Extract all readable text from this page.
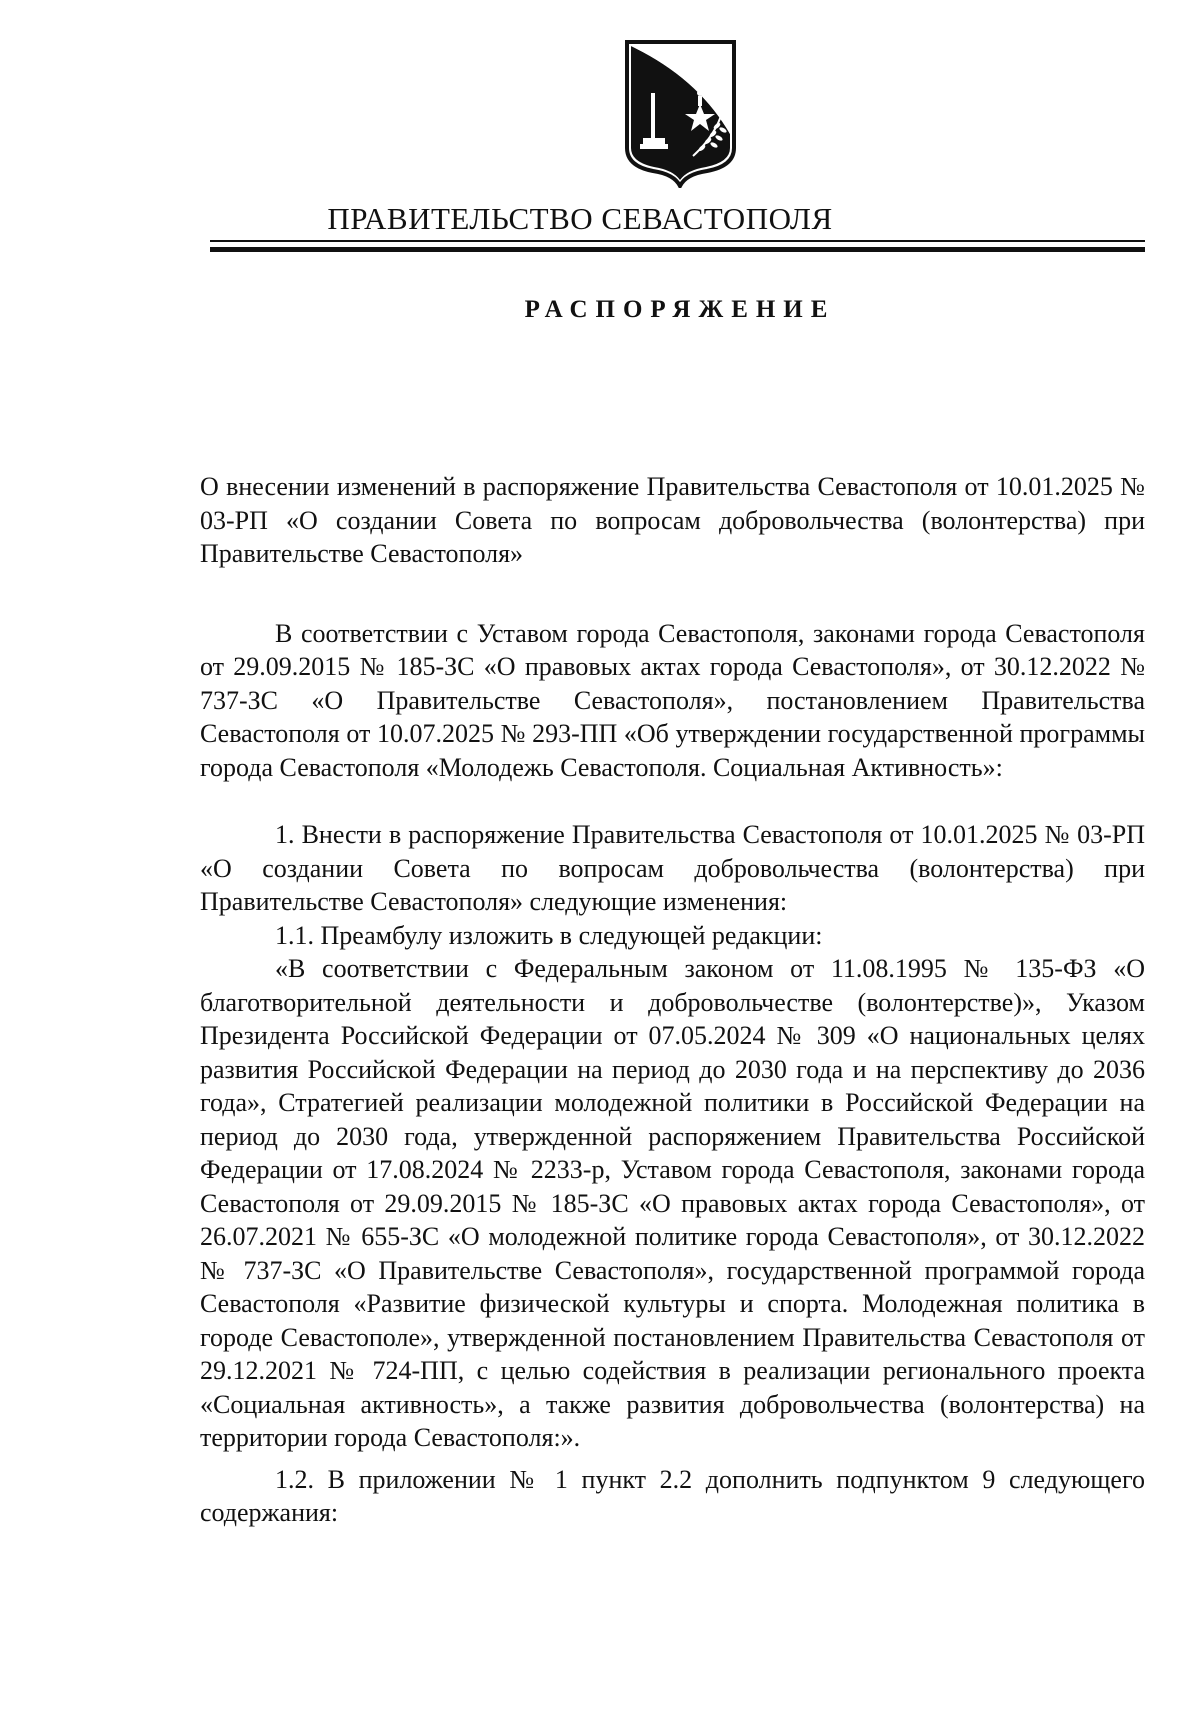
ПРАВИТЕЛЬСТВО СЕВАСТОПОЛЯ
РАСПОРЯЖЕНИЕ

О внесении изменений в распоряжение Правительства Севастополя от 10.01.2025 № 03-РП «О создании Совета по вопросам добровольчества (волонтерства) при Правительстве Севастополя»

В соответствии с Уставом города Севастополя, законами города Севастополя от 29.09.2015 № 185-ЗС «О правовых актах города Севастополя», от 30.12.2022 № 737-ЗС «О Правительстве Севастополя», постановлением Правительства Севастополя от 10.07.2025 № 293-ПП «Об утверждении государственной программы города Севастополя «Молодежь Севастополя. Социальная Активность»:

1. Внести в распоряжение Правительства Севастополя от 10.01.2025 № 03-РП «О создании Совета по вопросам добровольчества (волонтерства) при Правительстве Севастополя» следующие изменения:

1.1. Преамбулу изложить в следующей редакции:

«В соответствии с Федеральным законом от 11.08.1995 № 135-ФЗ «О благотворительной деятельности и добровольчестве (волонтерстве)», Указом Президента Российской Федерации от 07.05.2024 № 309 «О национальных целях развития Российской Федерации на период до 2030 года и на перспективу до 2036 года», Стратегией реализации молодежной политики в Российской Федерации на период до 2030 года, утвержденной распоряжением Правительства Российской Федерации от 17.08.2024 № 2233-р, Уставом города Севастополя, законами города Севастополя от 29.09.2015 № 185-ЗС «О правовых актах города Севастополя», от 26.07.2021 № 655-ЗС «О молодежной политике города Севастополя», от 30.12.2022 № 737-ЗС «О Правительстве Севастополя», государственной программой города Севастополя «Развитие физической культуры и спорта. Молодежная политика в городе Севастополе», утвержденной постановлением Правительства Севастополя от 29.12.2021 № 724-ПП, с целью содействия в реализации регионального проекта «Социальная активность», а также развития добровольчества (волонтерства) на территории города Севастополя:».

1.2. В приложении № 1 пункт 2.2 дополнить подпунктом 9 следующего содержания:
